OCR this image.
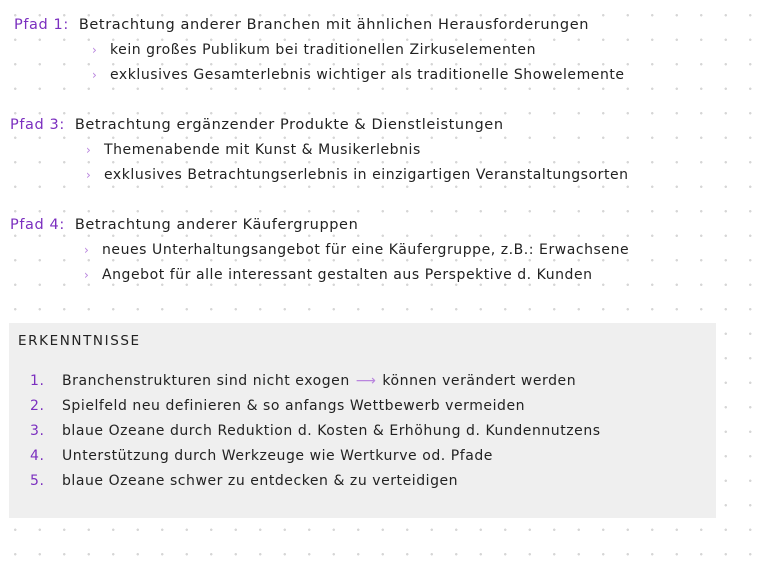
Pfad 1: Betrachtung anderer Branchen mit ähnlichen Herausforderungen
› kein großes Publikum bei traditionellen Zirkuselementen
› exklusives Gesamterlebnis wichtiger als traditionelle Showelemente
Pfad 3: Betrachtung ergänzender Produkte & Dienstleistungen
› Themenabende mit Kunst & Musikerlebnis
› exklusives Betrachtungserlebnis in einzigartigen Veranstaltungsorten
Pfad 4: Betrachtung anderer Käufergruppen
› neues Unterhaltungsangebot für eine Käufergruppe, z.B.: Erwachsene
› Angebot für alle interessant gestalten aus Perspektive d. Kunden
ERKENNTNISSE
1. Branchenstrukturen sind nicht exogen ⟶ können verändert werden
2. Spielfeld neu definieren & so anfangs Wettbewerb vermeiden
3. blaue Ozeane durch Reduktion d. Kosten & Erhöhung d. Kundennutzens
4. Unterstützung durch Werkzeuge wie Wertkurve od. Pfade
5. blaue Ozeane schwer zu entdecken & zu verteidigen
